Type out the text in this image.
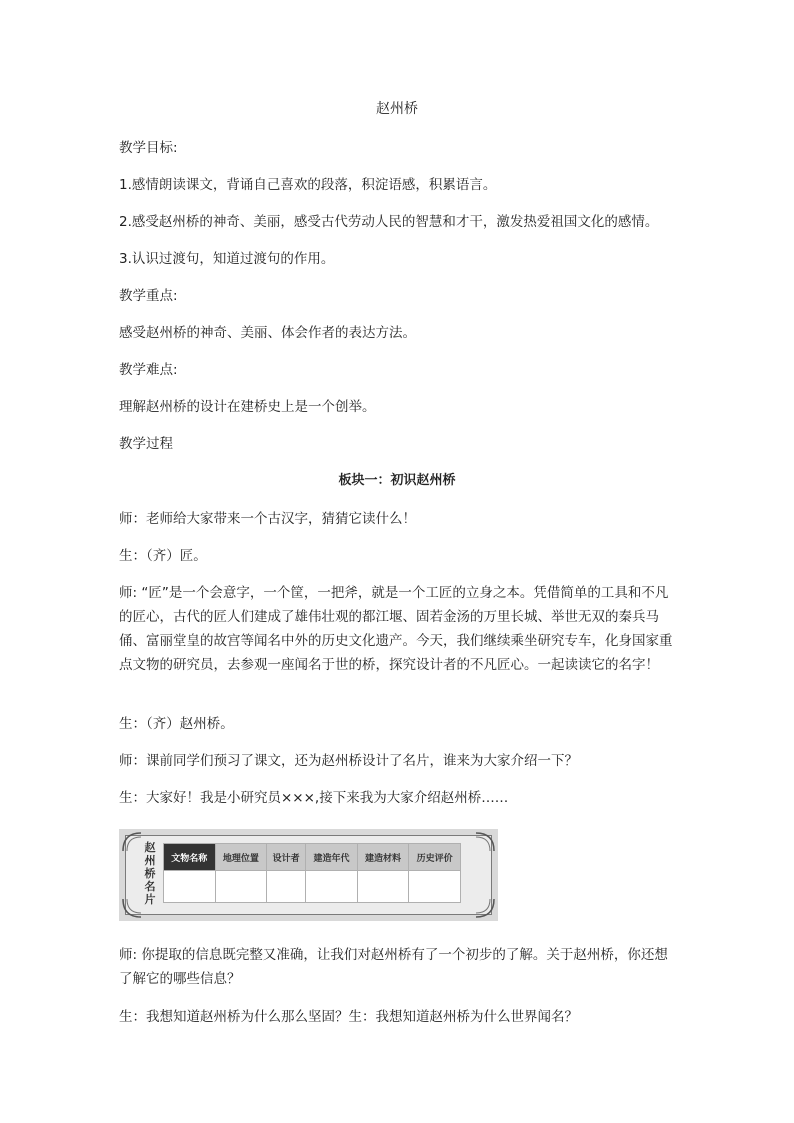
赵州桥

教学目标:

1.感情朗读课文，背诵自己喜欢的段落，积淀语感，积累语言。

2.感受赵州桥的神奇、美丽，感受古代劳动人民的智慧和才干，激发热爱祖国文化的感情。

3.认识过渡句，知道过渡句的作用。

教学重点:

感受赵州桥的神奇、美丽、体会作者的表达方法。

教学难点:

理解赵州桥的设计在建桥史上是一个创举。

教学过程

板块一：初识赵州桥

师：老师给大家带来一个古汉字，猜猜它读什么！

生：（齐）匠。

师: “匠”是一个会意字，一个筐，一把斧，就是一个工匠的立身之本。凭借简单的工具和不凡的匠心，古代的匠人们建成了雄伟壮观的都江堰、固若金汤的万里长城、举世无双的秦兵马俑、富丽堂皇的故宫等闻名中外的历史文化遗产。今天，我们继续乘坐研究专车，化身国家重点文物的研究员，去参观一座闻名于世的桥，探究设计者的不凡匠心。一起读读它的名字！

生：（齐）赵州桥。

师：课前同学们预习了课文，还为赵州桥设计了名片，谁来为大家介绍一下？

生：大家好！我是小研究员×××,接下来我为大家介绍赵州桥……

赵
州
桥
名
片
文物名称	地理位置	设计者	建造年代	建造材料	历史评价

师: 你提取的信息既完整又准确，让我们对赵州桥有了一个初步的了解。关于赵州桥，你还想了解它的哪些信息？

生：我想知道赵州桥为什么那么坚固？生：我想知道赵州桥为什么世界闻名？
